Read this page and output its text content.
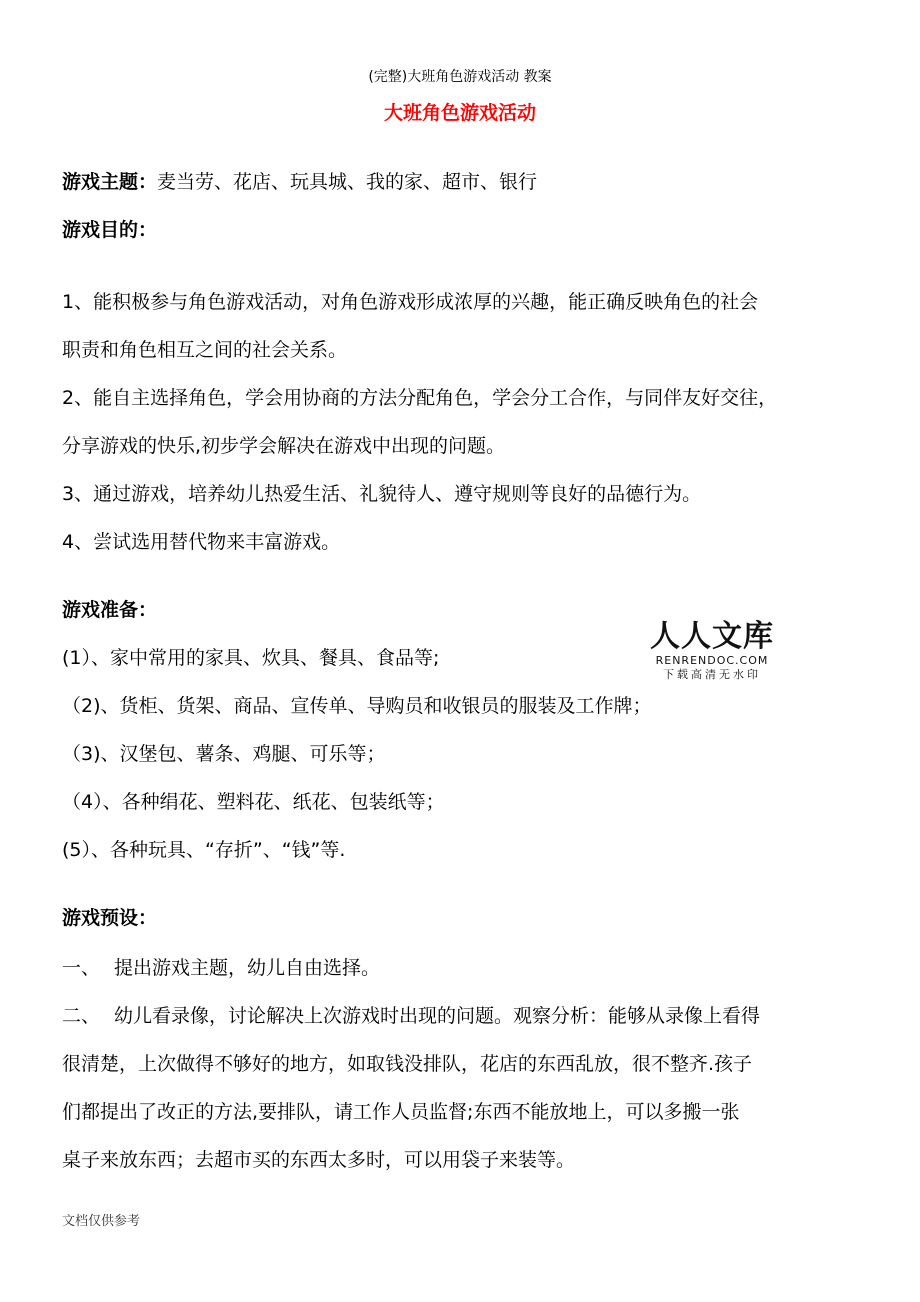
(完整)大班角色游戏活动 教案
大班角色游戏活动
游戏主题：麦当劳、花店、玩具城、我的家、超市、银行
游戏目的：
1、能积极参与角色游戏活动，对角色游戏形成浓厚的兴趣，能正确反映角色的社会
职责和角色相互之间的社会关系。
2、能自主选择角色，学会用协商的方法分配角色，学会分工合作，与同伴友好交往，
分享游戏的快乐,初步学会解决在游戏中出现的问题。
3、通过游戏，培养幼儿热爱生活、礼貌待人、遵守规则等良好的品德行为。
4、尝试选用替代物来丰富游戏。
游戏准备：
(1）、家中常用的家具、炊具、餐具、食品等;
（2)、货柜、货架、商品、宣传单、导购员和收银员的服装及工作牌；
（3)、汉堡包、薯条、鸡腿、可乐等；
（4）、各种绢花、塑料花、纸花、包装纸等；
(5）、各种玩具、“存折”、“钱”等.
游戏预设：
一、 提出游戏主题，幼儿自由选择。
二、 幼儿看录像，讨论解决上次游戏时出现的问题。观察分析：能够从录像上看得
很清楚，上次做得不够好的地方，如取钱没排队，花店的东西乱放，很不整齐.孩子
们都提出了改正的方法,要排队，请工作人员监督;东西不能放地上，可以多搬一张
桌子来放东西；去超市买的东西太多时，可以用袋子来装等。
人人文库
RENRENDOC.COM
下载高清无水印
文档仅供参考
